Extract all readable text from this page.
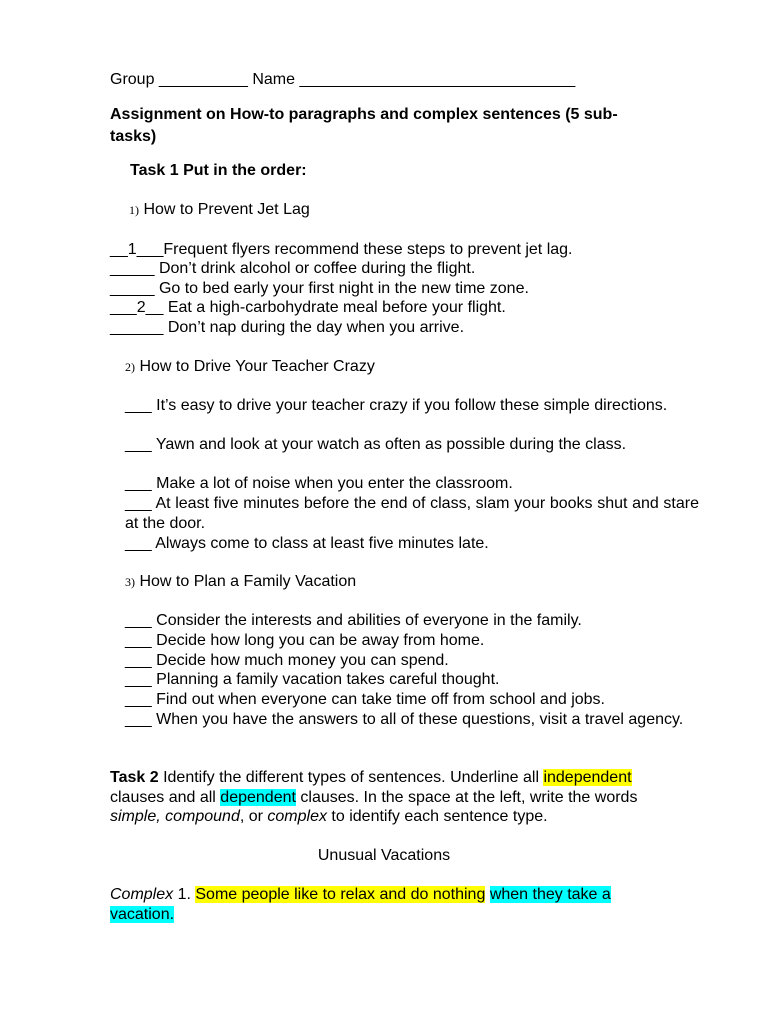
Group __________ Name _______________________________
Assignment on How-to paragraphs and complex sentences (5 sub-
tasks)
Task 1 Put in the order:
1) How to Prevent Jet Lag
__1___Frequent flyers recommend these steps to prevent jet lag.
_____ Don’t drink alcohol or coffee during the flight.
_____ Go to bed early your first night in the new time zone.
___2__ Eat a high-carbohydrate meal before your flight.
______ Don’t nap during the day when you arrive.
2) How to Drive Your Teacher Crazy
___ It’s easy to drive your teacher crazy if you follow these simple directions.
___ Yawn and look at your watch as often as possible during the class.
___ Make a lot of noise when you enter the classroom.
___ At least five minutes before the end of class, slam your books shut and stare at the door.
___ Always come to class at least five minutes late.
3) How to Plan a Family Vacation
___ Consider the interests and abilities of everyone in the family.
___ Decide how long you can be away from home.
___ Decide how much money you can spend.
___ Planning a family vacation takes careful thought.
___ Find out when everyone can take time off from school and jobs.
___ When you have the answers to all of these questions, visit a travel agency.
Task 2 Identify the different types of sentences. Underline all independent
clauses and all dependent clauses. In the space at the left, write the words
simple, compound, or complex to identify each sentence type.
Unusual Vacations
Complex 1. Some people like to relax and do nothing when they take a
vacation.
